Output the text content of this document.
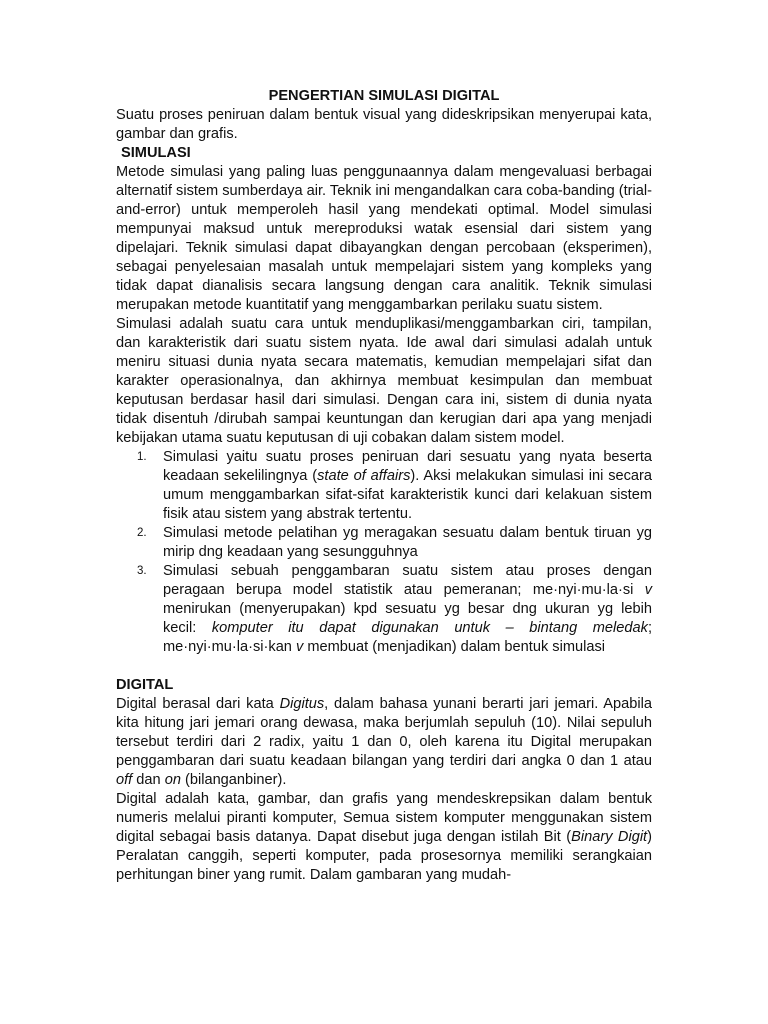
PENGERTIAN SIMULASI DIGITAL

Suatu proses peniruan dalam bentuk visual yang dideskripsikan menyerupai kata, gambar dan grafis.

SIMULASI

Metode simulasi yang paling luas penggunaannya dalam mengevaluasi berbagai alternatif sistem sumberdaya air. Teknik ini mengandalkan cara coba-banding (trial-and-error) untuk memperoleh hasil yang mendekati optimal. Model simulasi mempunyai maksud untuk mereproduksi watak esensial dari sistem yang dipelajari. Teknik simulasi dapat dibayangkan dengan percobaan (eksperimen), sebagai penyelesaian masalah untuk mempelajari sistem yang kompleks yang tidak dapat dianalisis secara langsung dengan cara analitik. Teknik simulasi merupakan metode kuantitatif yang menggambarkan perilaku suatu sistem.

Simulasi adalah suatu cara untuk menduplikasi/menggambarkan ciri, tampilan, dan karakteristik dari suatu sistem nyata. Ide awal dari simulasi adalah untuk meniru situasi dunia nyata secara matematis, kemudian mempelajari sifat dan karakter operasionalnya, dan akhirnya membuat kesimpulan dan membuat keputusan berdasar hasil dari simulasi. Dengan cara ini, sistem di dunia nyata tidak disentuh /dirubah sampai keuntungan dan kerugian dari apa yang menjadi kebijakan utama suatu keputusan di uji cobakan dalam sistem model.

1. Simulasi yaitu suatu proses peniruan dari sesuatu yang nyata beserta keadaan sekelilingnya (state of affairs). Aksi melakukan simulasi ini secara umum menggambarkan sifat-sifat karakteristik kunci dari kelakuan sistem fisik atau sistem yang abstrak tertentu.
2. Simulasi metode pelatihan yg meragakan sesuatu dalam bentuk tiruan yg mirip dng keadaan yang sesungguhnya
3. Simulasi sebuah penggambaran suatu sistem atau proses dengan peragaan berupa model statistik atau pemeranan; me·nyi·mu·la·si v menirukan (menyerupakan) kpd sesuatu yg besar dng ukuran yg lebih kecil: komputer itu dapat digunakan untuk – bintang meledak; me·nyi·mu·la·si·kan v membuat (menjadikan) dalam bentuk simulasi

DIGITAL

Digital berasal dari kata Digitus, dalam bahasa yunani berarti jari jemari. Apabila kita hitung jari jemari orang dewasa, maka berjumlah sepuluh (10). Nilai sepuluh tersebut terdiri dari 2 radix, yaitu 1 dan 0, oleh karena itu Digital merupakan penggambaran dari suatu keadaan bilangan yang terdiri dari angka 0 dan 1 atau off dan on (bilanganbiner).

Digital adalah kata, gambar, dan grafis yang mendeskrepsikan dalam bentuk numeris melalui piranti komputer, Semua sistem komputer menggunakan sistem digital sebagai basis datanya. Dapat disebut juga dengan istilah Bit (Binary Digit) Peralatan canggih, seperti komputer, pada prosesornya memiliki serangkaian perhitungan biner yang rumit. Dalam gambaran yang mudah-
